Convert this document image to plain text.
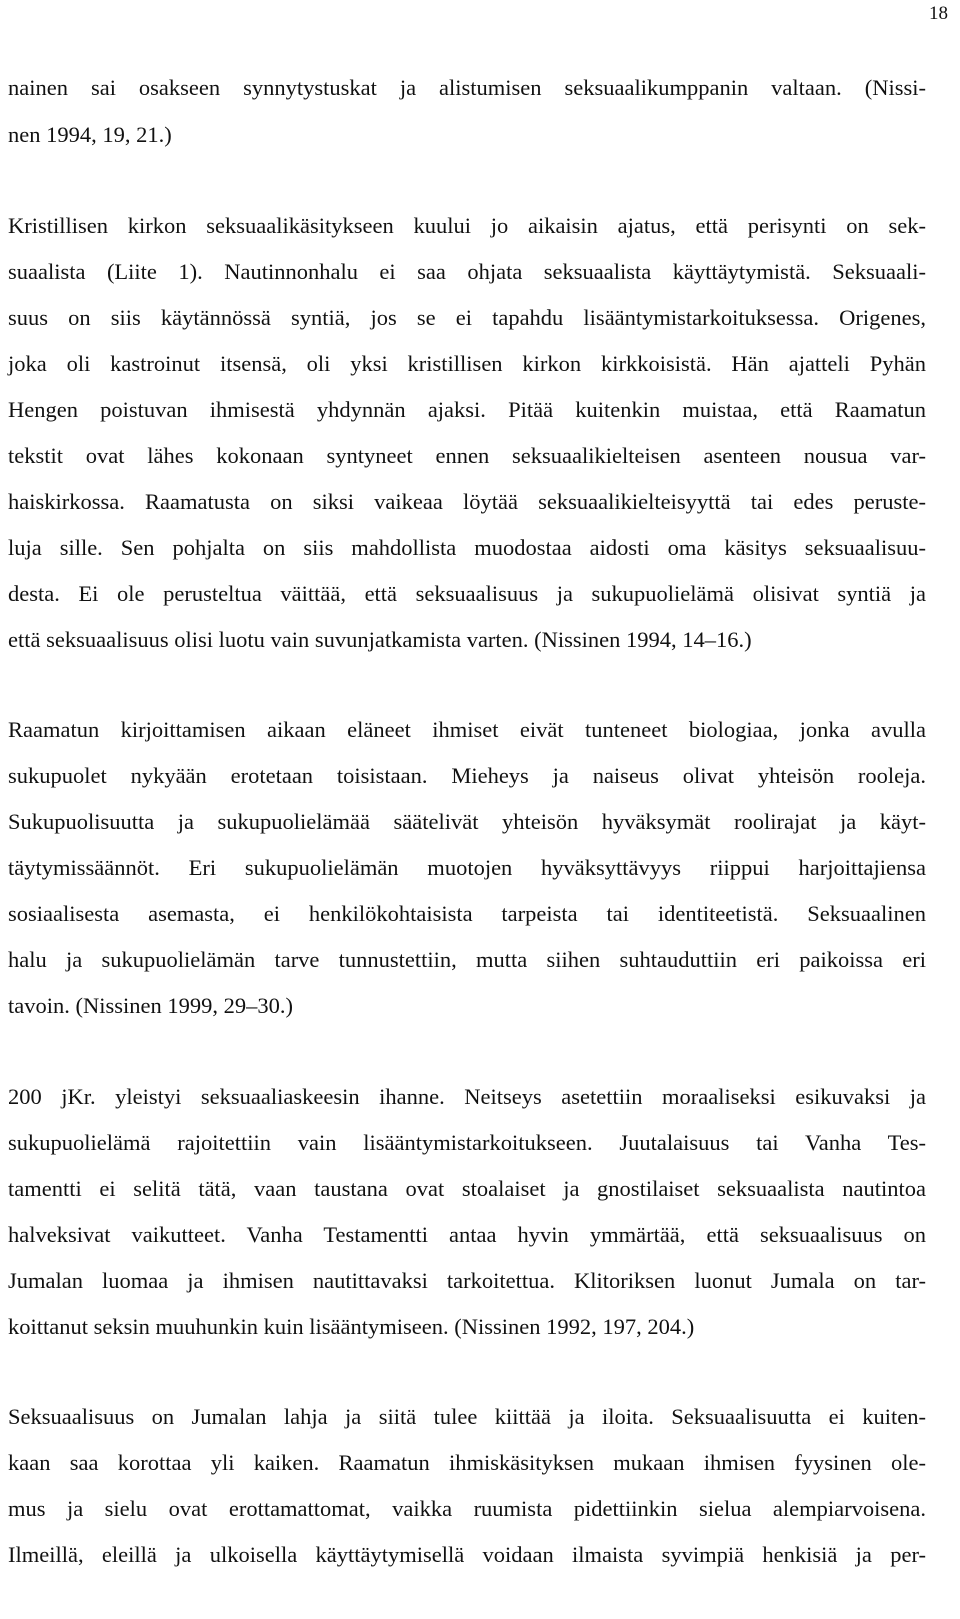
18
nainen sai osakseen synnytystuskat ja alistumisen seksuaalikumppanin valtaan. (Nissi-
nen 1994, 19, 21.)
Kristillisen kirkon seksuaalikäsitykseen kuului jo aikaisin ajatus, että perisynti on sek-
suaalista (Liite 1). Nautinnonhalu ei saa ohjata seksuaalista käyttäytymistä. Seksuaali-
suus on siis käytännössä syntiä, jos se ei tapahdu lisääntymistarkoituksessa. Origenes,
joka oli kastroinut itsensä, oli yksi kristillisen kirkon kirkkoisistä. Hän ajatteli Pyhän
Hengen poistuvan ihmisestä yhdynnän ajaksi. Pitää kuitenkin muistaa, että Raamatun
tekstit ovat lähes kokonaan syntyneet ennen seksuaalikielteisen asenteen nousua var-
haiskirkossa. Raamatusta on siksi vaikeaa löytää seksuaalikielteisyyttä tai edes peruste-
luja sille. Sen pohjalta on siis mahdollista muodostaa aidosti oma käsitys seksuaalisuu-
desta. Ei ole perusteltua väittää, että seksuaalisuus ja sukupuolielämä olisivat syntiä ja
että seksuaalisuus olisi luotu vain suvunjatkamista varten. (Nissinen 1994, 14–16.)
Raamatun kirjoittamisen aikaan eläneet ihmiset eivät tunteneet biologiaa, jonka avulla
sukupuolet nykyään erotetaan toisistaan. Mieheys ja naiseus olivat yhteisön rooleja.
Sukupuolisuutta ja sukupuolielämää säätelivät yhteisön hyväksymät roolirajat ja käyt-
täytymissäännöt. Eri sukupuolielämän muotojen hyväksyttävyys riippui harjoittajiensa
sosiaalisesta asemasta, ei henkilökohtaisista tarpeista tai identiteetistä. Seksuaalinen
halu ja sukupuolielämän tarve tunnustettiin, mutta siihen suhtauduttiin eri paikoissa eri
tavoin. (Nissinen 1999, 29–30.)
200 jKr. yleistyi seksuaaliaskeesin ihanne. Neitseys asetettiin moraaliseksi esikuvaksi ja
sukupuolielämä rajoitettiin vain lisääntymistarkoitukseen. Juutalaisuus tai Vanha Tes-
tamentti ei selitä tätä, vaan taustana ovat stoalaiset ja gnostilaiset seksuaalista nautintoa
halveksivat vaikutteet. Vanha Testamentti antaa hyvin ymmärtää, että seksuaalisuus on
Jumalan luomaa ja ihmisen nautittavaksi tarkoitettua. Klitoriksen luonut Jumala on tar-
koittanut seksin muuhunkin kuin lisääntymiseen. (Nissinen 1992, 197, 204.)
Seksuaalisuus on Jumalan lahja ja siitä tulee kiittää ja iloita. Seksuaalisuutta ei kuiten-
kaan saa korottaa yli kaiken. Raamatun ihmiskäsityksen mukaan ihmisen fyysinen ole-
mus ja sielu ovat erottamattomat, vaikka ruumista pidettiinkin sielua alempiarvoisena.
Ilmeillä, eleillä ja ulkoisella käyttäytymisellä voidaan ilmaista syvimpiä henkisiä ja per-
